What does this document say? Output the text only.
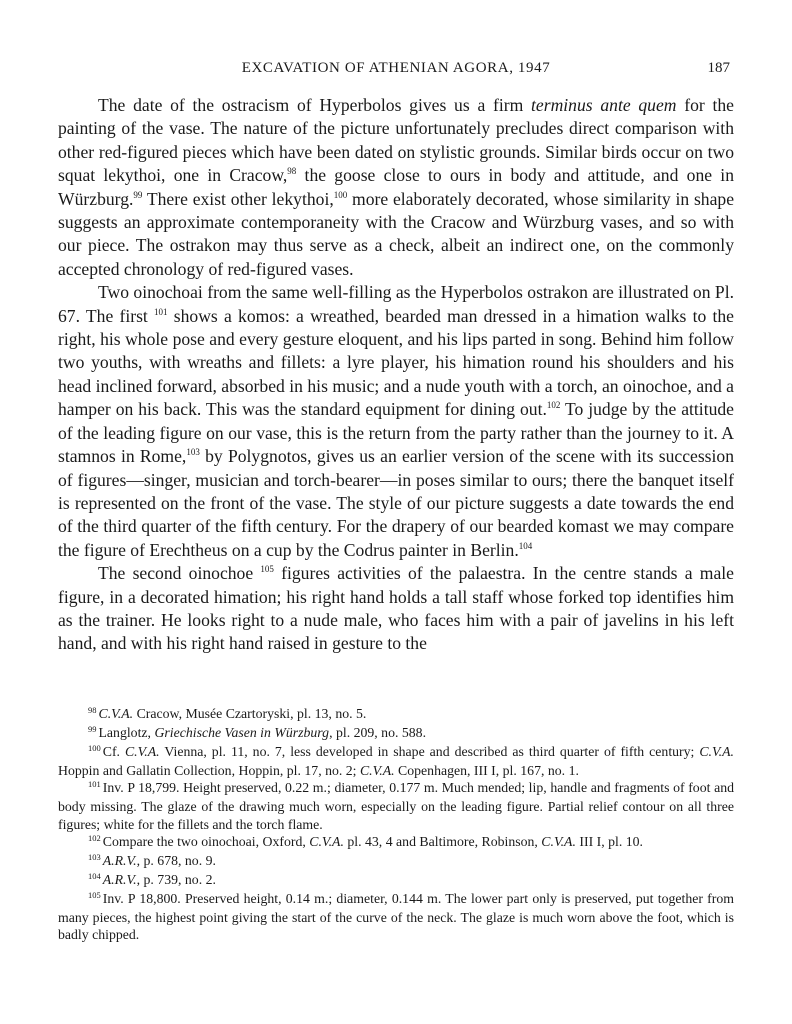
EXCAVATION OF ATHENIAN AGORA, 1947	187

The date of the ostracism of Hyperbolos gives us a firm terminus ante quem for the painting of the vase. The nature of the picture unfortunately precludes direct comparison with other red-figured pieces which have been dated on stylistic grounds. Similar birds occur on two squat lekythoi, one in Cracow,$^{98}$ the goose close to ours in body and attitude, and one in Würzburg.$^{99}$ There exist other lekythoi,$^{100}$ more elaborately decorated, whose similarity in shape suggests an approximate contemporaneity with the Cracow and Würzburg vases, and so with our piece. The ostrakon may thus serve as a check, albeit an indirect one, on the commonly accepted chronology of red-figured vases.

Two oinochoai from the same well-filling as the Hyperbolos ostrakon are illustrated on Pl. 67. The first $^{101}$ shows a komos: a wreathed, bearded man dressed in a himation walks to the right, his whole pose and every gesture eloquent, and his lips parted in song. Behind him follow two youths, with wreaths and fillets: a lyre player, his himation round his shoulders and his head inclined forward, absorbed in his music; and a nude youth with a torch, an oinochoe, and a hamper on his back. This was the standard equipment for dining out.$^{102}$ To judge by the attitude of the leading figure on our vase, this is the return from the party rather than the journey to it. A stamnos in Rome,$^{103}$ by Polygnotos, gives us an earlier version of the scene with its succession of figures—singer, musician and torch-bearer—in poses similar to ours; there the banquet itself is represented on the front of the vase. The style of our picture suggests a date towards the end of the third quarter of the fifth century. For the drapery of our bearded komast we may compare the figure of Erechtheus on a cup by the Codrus painter in Berlin.$^{104}$

The second oinochoe $^{105}$ figures activities of the palaestra. In the centre stands a male figure, in a decorated himation; his right hand holds a tall staff whose forked top identifies him as the trainer. He looks right to a nude male, who faces him with a pair of javelins in his left hand, and with his right hand raised in gesture to the

$^{98}$ C.V.A. Cracow, Musée Czartoryski, pl. 13, no. 5.
$^{99}$ Langlotz, Griechische Vasen in Würzburg, pl. 209, no. 588.
$^{100}$ Cf. C.V.A. Vienna, pl. 11, no. 7, less developed in shape and described as third quarter of fifth century; C.V.A. Hoppin and Gallatin Collection, Hoppin, pl. 17, no. 2; C.V.A. Copenhagen, III I, pl. 167, no. 1.
$^{101}$ Inv. P 18,799. Height preserved, 0.22 m.; diameter, 0.177 m. Much mended; lip, handle and fragments of foot and body missing. The glaze of the drawing much worn, especially on the leading figure. Partial relief contour on all three figures; white for the fillets and the torch flame.
$^{102}$ Compare the two oinochoai, Oxford, C.V.A. pl. 43, 4 and Baltimore, Robinson, C.V.A. III I, pl. 10.
$^{103}$ A.R.V., p. 678, no. 9.
$^{104}$ A.R.V., p. 739, no. 2.
$^{105}$ Inv. P 18,800. Preserved height, 0.14 m.; diameter, 0.144 m. The lower part only is preserved, put together from many pieces, the highest point giving the start of the curve of the neck. The glaze is much worn above the foot, which is badly chipped.
